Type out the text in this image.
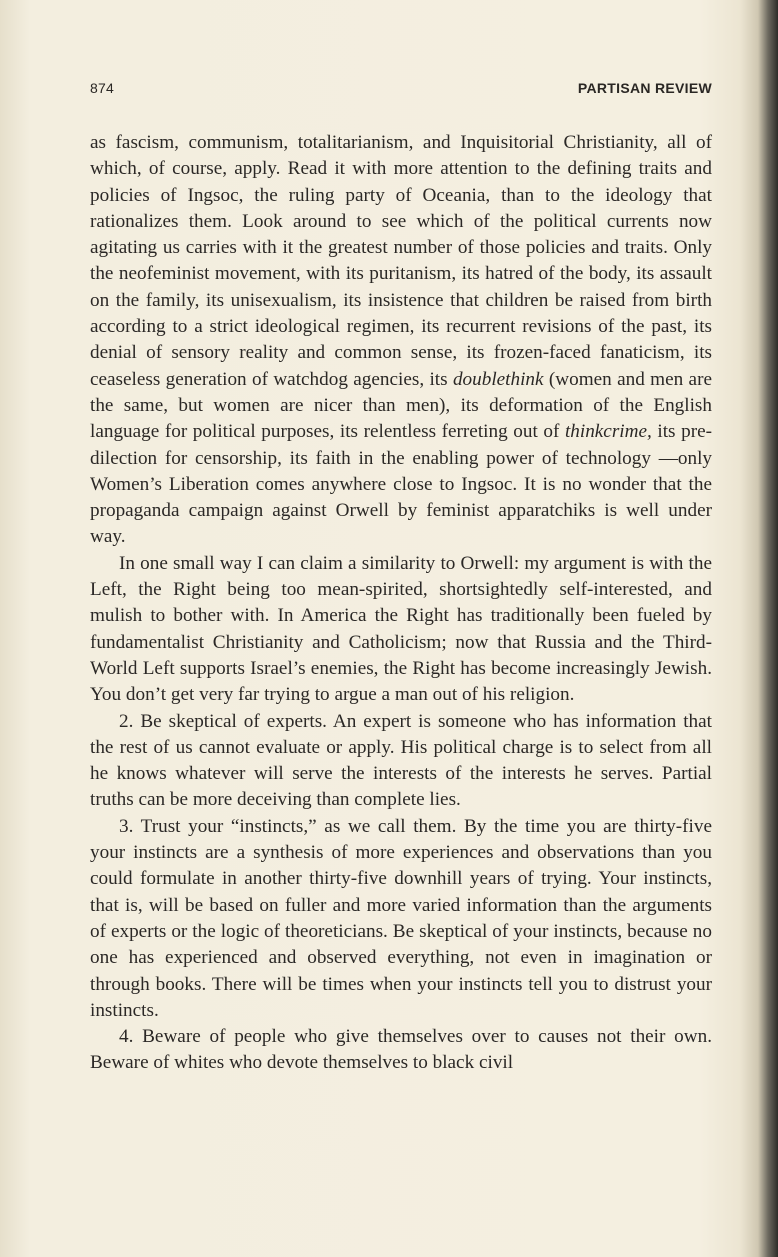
874	PARTISAN REVIEW

as fascism, communism, totalitarianism, and Inquisitorial Christianity, all of which, of course, apply. Read it with more attention to the defining traits and policies of Ingsoc, the ruling party of Oceania, than to the ideology that rationalizes them. Look around to see which of the political currents now agitating us carries with it the greatest number of those policies and traits. Only the neofeminist movement, with its puritanism, its hatred of the body, its assault on the family, its unisexualism, its insistence that children be raised from birth according to a strict ideological regimen, its recurrent revisions of the past, its denial of sensory reality and common sense, its frozen-faced fanaticism, its ceaseless generation of watchdog agencies, its doublethink (women and men are the same, but women are nicer than men), its deformation of the English language for political purposes, its relentless ferreting out of thinkcrime, its predilection for censorship, its faith in the enabling power of technology —only Women’s Liberation comes anywhere close to Ingsoc. It is no wonder that the propaganda campaign against Orwell by feminist apparatchiks is well under way.

In one small way I can claim a similarity to Orwell: my argument is with the Left, the Right being too mean-spirited, shortsightedly self-interested, and mulish to bother with. In America the Right has traditionally been fueled by fundamentalist Christianity and Catholicism; now that Russia and the Third-World Left supports Israel’s enemies, the Right has become increasingly Jewish. You don’t get very far trying to argue a man out of his religion.

2. Be skeptical of experts. An expert is someone who has information that the rest of us cannot evaluate or apply. His political charge is to select from all he knows whatever will serve the interests of the interests he serves. Partial truths can be more deceiving than complete lies.

3. Trust your “instincts,” as we call them. By the time you are thirty-five your instincts are a synthesis of more experiences and observations than you could formulate in another thirty-five downhill years of trying. Your instincts, that is, will be based on fuller and more varied information than the arguments of experts or the logic of theoreticians. Be skeptical of your instincts, because no one has experienced and observed everything, not even in imagination or through books. There will be times when your instincts tell you to distrust your instincts.

4. Beware of people who give themselves over to causes not their own. Beware of whites who devote themselves to black civil
